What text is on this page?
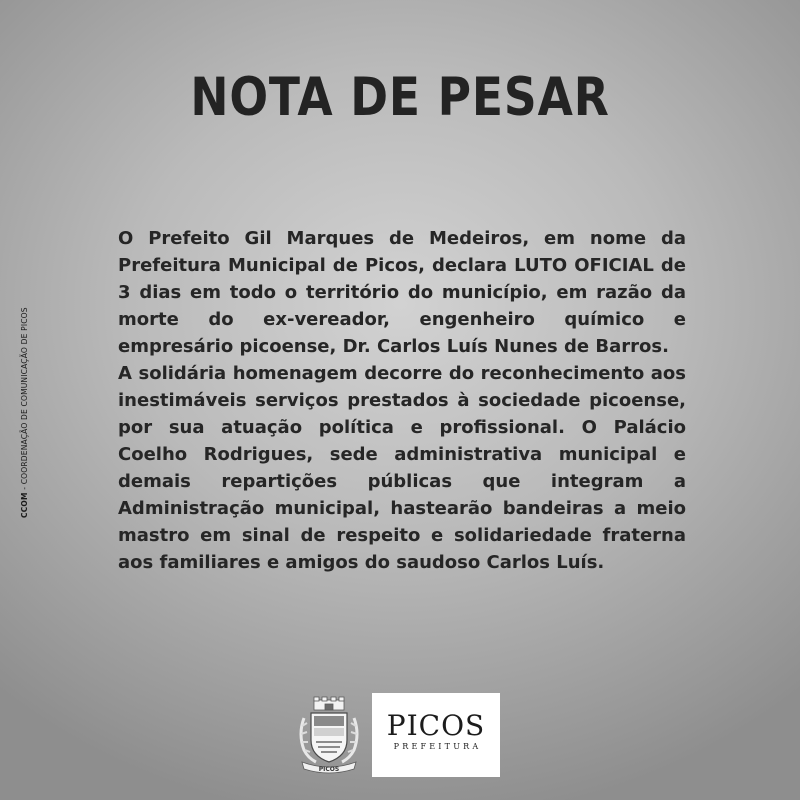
NOTA DE PESAR

O Prefeito Gil Marques de Medeiros, em nome da Prefeitura Municipal de Picos, declara LUTO OFICIAL de 3 dias em todo o território do município, em razão da morte do ex-vereador, engenheiro químico e empresário picoense, Dr. Carlos Luís Nunes de Barros.

A solidária homenagem decorre do reconhecimento aos inestimáveis serviços prestados à sociedade picoense, por sua atuação política e profissional. O Palácio Coelho Rodrigues, sede administrativa municipal e demais repartições públicas que integram a Administração municipal, hastearão bandeiras a meio mastro em sinal de respeito e solidariedade fraterna aos familiares e amigos do saudoso Carlos Luís.

CCOM - COORDENAÇÃO DE COMUNICAÇÃO DE PICOS
PICOS
PICOS
PREFEITURA
